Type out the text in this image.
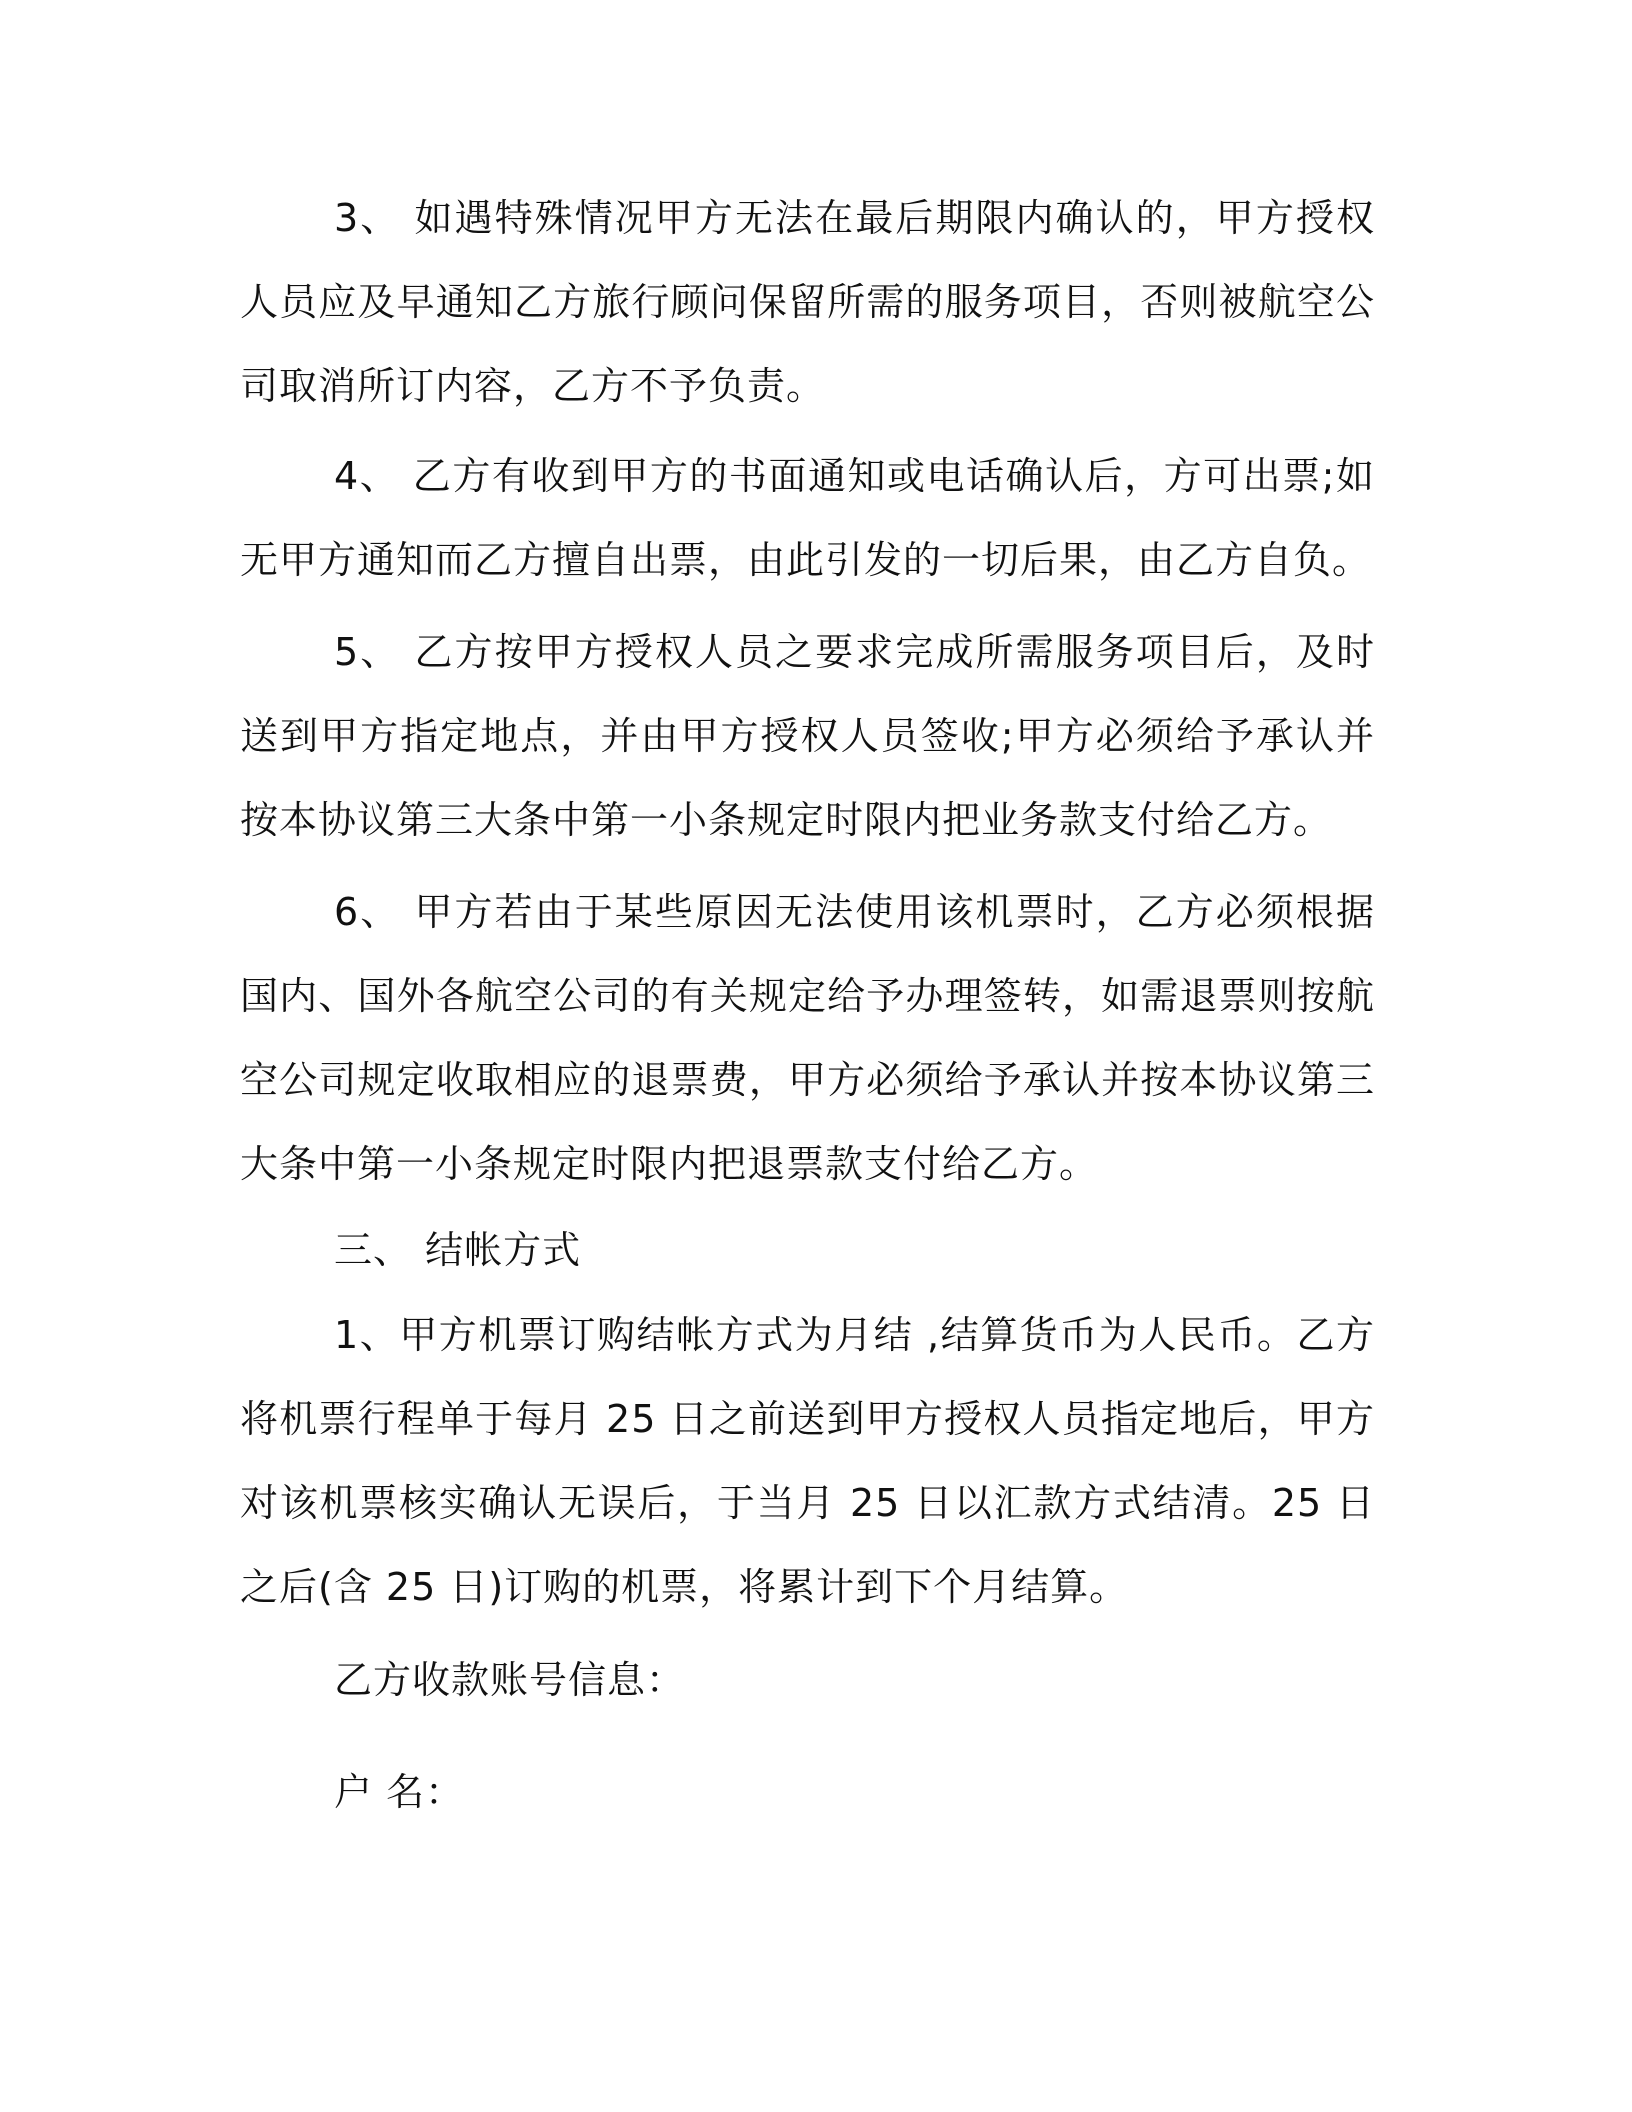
3、 如遇特殊情况甲方无法在最后期限内确认的，甲方授权人员应及早通知乙方旅行顾问保留所需的服务项目，否则被航空公司取消所订内容，乙方不予负责。

4、 乙方有收到甲方的书面通知或电话确认后，方可出票;如无甲方通知而乙方擅自出票，由此引发的一切后果，由乙方自负。

5、 乙方按甲方授权人员之要求完成所需服务项目后，及时送到甲方指定地点，并由甲方授权人员签收;甲方必须给予承认并按本协议第三大条中第一小条规定时限内把业务款支付给乙方。

6、 甲方若由于某些原因无法使用该机票时，乙方必须根据国内、国外各航空公司的有关规定给予办理签转，如需退票则按航空公司规定收取相应的退票费，甲方必须给予承认并按本协议第三大条中第一小条规定时限内把退票款支付给乙方。

三、 结帐方式

1、甲方机票订购结帐方式为月结 ,结算货币为人民币。乙方将机票行程单于每月 25 日之前送到甲方授权人员指定地后，甲方对该机票核实确认无误后，于当月 25 日以汇款方式结清。25 日之后(含 25 日)订购的机票，将累计到下个月结算。

乙方收款账号信息：

户 名：
